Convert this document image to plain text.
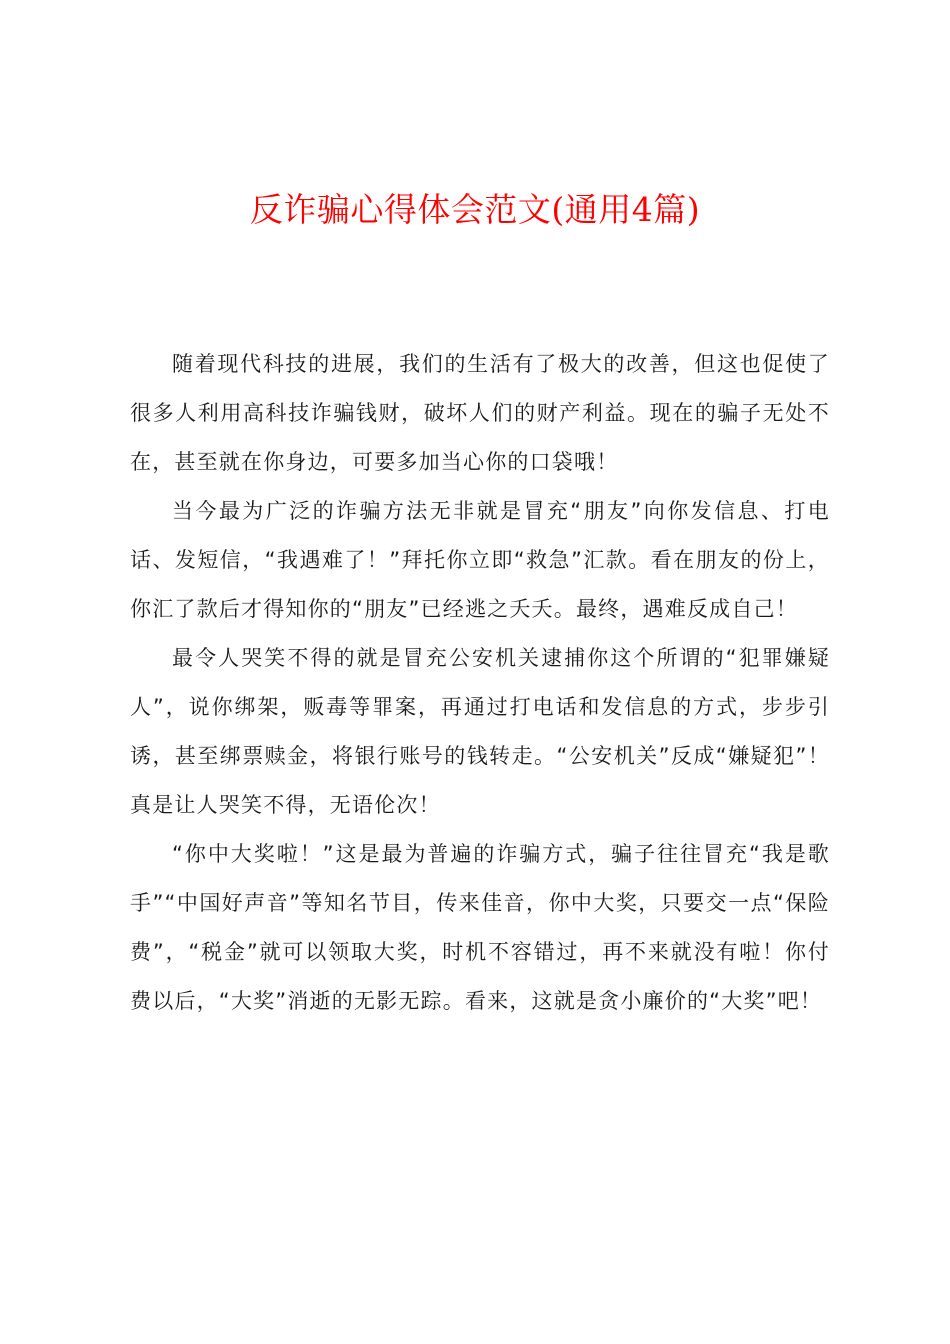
反诈骗心得体会范文(通用4篇)

随着现代科技的进展，我们的生活有了极大的改善，但这也促使了很多人利用高科技诈骗钱财，破坏人们的财产利益。现在的骗子无处不在，甚至就在你身边，可要多加当心你的口袋哦！

当今最为广泛的诈骗方法无非就是冒充“朋友”向你发信息、打电话、发短信，“我遇难了！”拜托你立即“救急”汇款。看在朋友的份上，你汇了款后才得知你的“朋友”已经逃之夭夭。最终，遇难反成自己！

最令人哭笑不得的就是冒充公安机关逮捕你这个所谓的“犯罪嫌疑人”，说你绑架，贩毒等罪案，再通过打电话和发信息的方式，步步引诱，甚至绑票赎金，将银行账号的钱转走。“公安机关”反成“嫌疑犯”！真是让人哭笑不得，无语伦次！

“你中大奖啦！”这是最为普遍的诈骗方式，骗子往往冒充“我是歌手”“中国好声音”等知名节目，传来佳音，你中大奖，只要交一点“保险费”，“税金”就可以领取大奖，时机不容错过，再不来就没有啦！你付费以后，“大奖”消逝的无影无踪。看来，这就是贪小廉价的“大奖”吧！
